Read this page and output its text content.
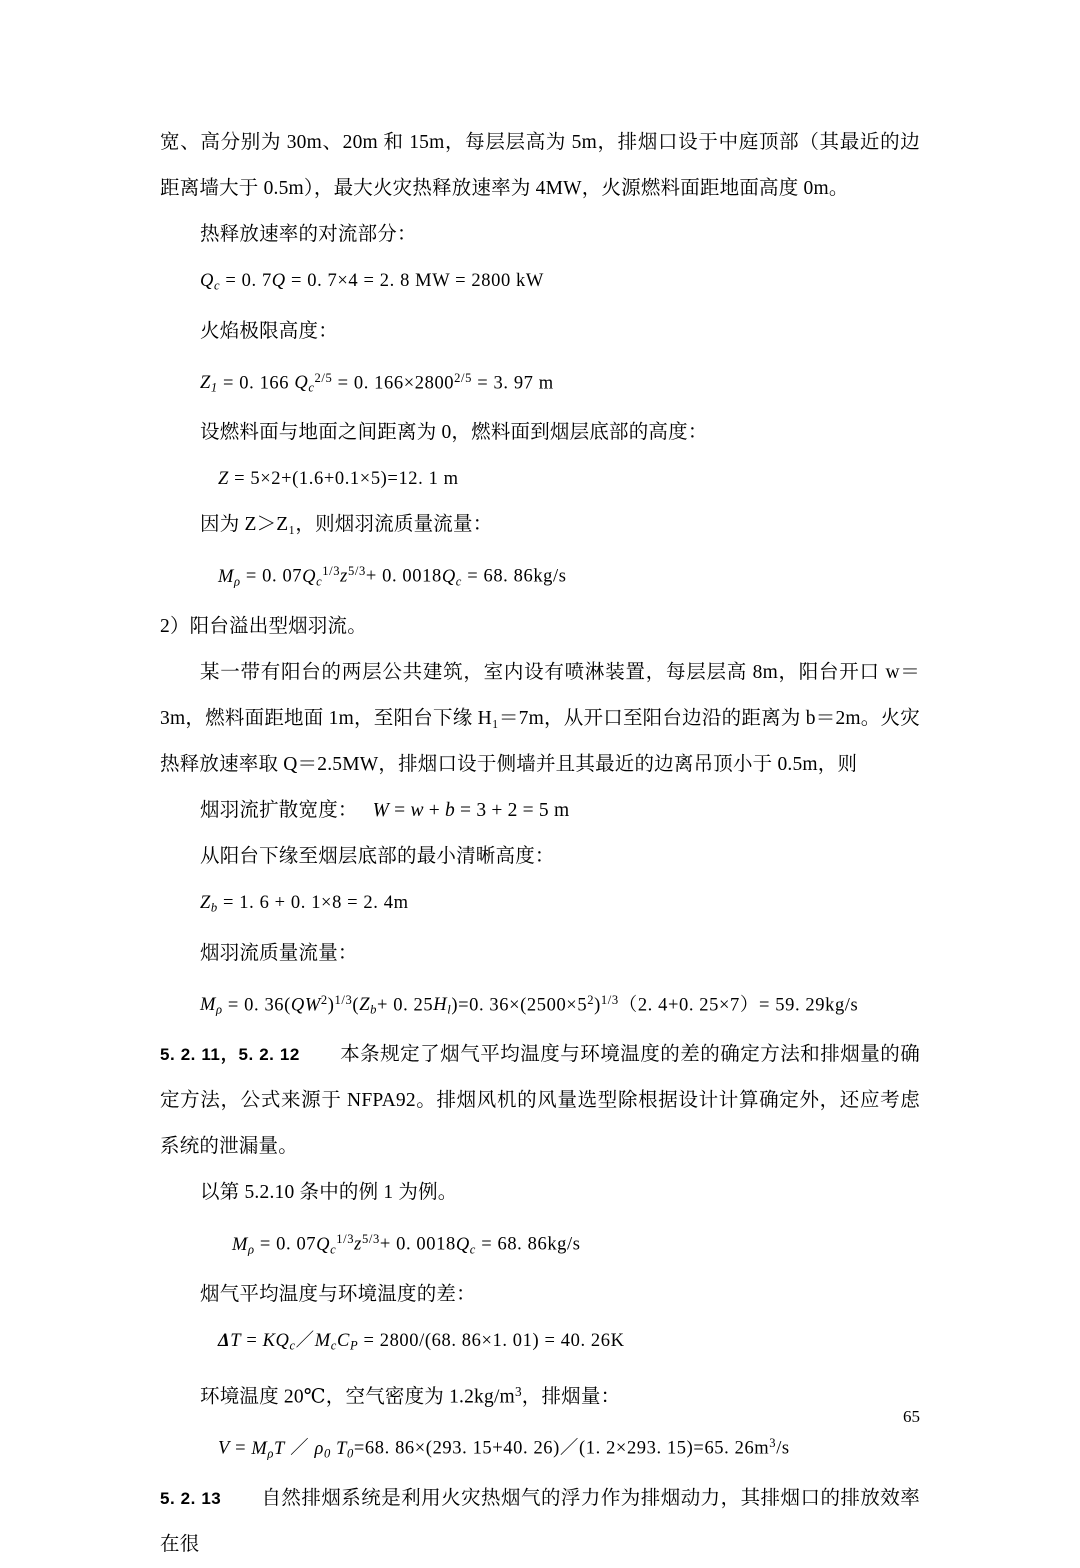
宽、高分别为 30m、20m 和 15m，每层层高为 5m，排烟口设于中庭顶部（其最近的边距离墙大于 0.5m），最大火灾热释放速率为 4MW，火源燃料面距地面高度 0m。

热释放速率的对流部分：

$Q_c = 0$. 7Q = 0. 7×4 = 2. 8 MW = 2800 kW

火焰极限高度：

$Z_1 = 0$. 166 $Q_c^{2/5} = 0$. $166\times 2800^{2/5} = 3$. 97 m

设燃料面与地面之间距离为 0，燃料面到烟层底部的高度：

Z = 5×2+(1.6+0.1×5)=12. 1 m

因为 Z＞Z₁，则烟羽流质量流量：

$M_\rho = 0$. $07Q_c^{1/3}z^{5/3}+ 0$. $0018Q_c = 68$. 86kg/s

2）阳台溢出型烟羽流。

某一带有阳台的两层公共建筑，室内设有喷淋装置，每层层高 8m，阳台开口 w＝3m，燃料面距地面 1m，至阳台下缘 H₁＝7m，从开口至阳台边沿的距离为 b＝2m。火灾热释放速率取 Q＝2.5MW，排烟口设于侧墙并且其最近的边离吊顶小于 0.5m，则

烟羽流扩散宽度：　 W = w + b = 3 + 2 = 5 m

从阳台下缘至烟层底部的最小清晰高度：

$Z_b = 1$. 6 + 0. 1×8 = 2. 4m

烟羽流质量流量：

$M_\rho = 0$. $36(QW^2)^{1/3}(Z_b+ 0$. $25H_l)=0$. $36\times(2500\times 5^2)^{1/3}(2$. 4+0. 25×7）= 59. 29kg/s

5. 2. 11，5. 2. 12　　 本条规定了烟气平均温度与环境温度的差的确定方法和排烟量的确定方法，公式来源于 NFPA92。排烟风机的风量选型除根据设计计算确定外，还应考虑系统的泄漏量。

以第 5.2.10 条中的例 1 为例。

$M_\rho = 0$. $07Q_c^{1/3}z^{5/3}+ 0$. $0018Q_c = 68$. 86kg/s

烟气平均温度与环境温度的差：

$\Delta T = KQ_c/M_cC_P = 2800/(68$. 86×1. 01) = 40. 26K

环境温度 20℃，空气密度为 $1.2kg/m^3$，排烟量：

$V = M_\rho T$ ／ $\rho_0$ $T_0=68$. 86×(293. 15+40. 26)／(1. 2×293. 15)=65. $26m^3/s$

5. 2. 13　　 自然排烟系统是利用火灾热烟气的浮力作为排烟动力，其排烟口的排放效率在很

65
